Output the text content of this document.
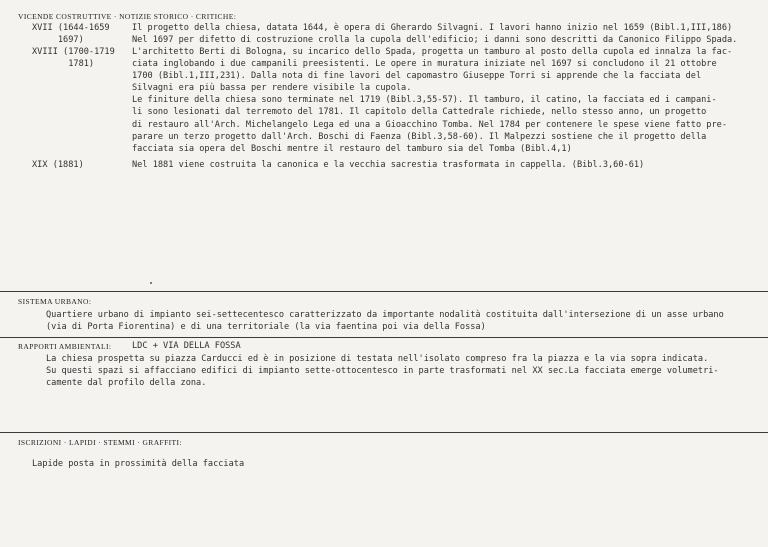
VICENDE COSTRUTTIVE · NOTIZIE STORICO · CRITICHE:
XVII (1644-1659
1697)
Il progetto della chiesa, datata 1644, è opera di Gherardo Silvagni. I lavori hanno inizio nel 1659 (Bibl.1,III,186)
Nel 1697 per difetto di costruzione crolla la cupola dell'edificio; i danni sono descritti da Canonico Filippo Spada.
XVIII (1700-1719
1781)
L'architetto Berti di Bologna, su incarico dello Spada, progetta un tamburo al posto della cupola ed innalza la fac-
ciata inglobando i due campanili preesistenti. Le opere in muratura iniziate nel 1697 si concludono il 21 ottobre
1700 (Bibl.1,III,231). Dalla nota di fine lavori del capomastro Giuseppe Torri si apprende che la facciata del
Silvagni era più bassa per rendere visibile la cupola.
Le finiture della chiesa sono terminate nel 1719 (Bibl.3,55-57). Il tamburo, il catino, la facciata ed i campani-
li sono lesionati dal terremoto del 1781. Il capitolo della Cattedrale richiede, nello stesso anno, un progetto
di restauro all'Arch. Michelangelo Lega ed una a Gioacchino Tomba. Nel 1784 per contenere le spese viene fatto pre-
parare un terzo progetto dall'Arch. Boschi di Faenza (Bibl.3,58-60). Il Malpezzi sostiene che il progetto della
facciata sia opera del Boschi mentre il restauro del tamburo sia del Tomba (Bibl.4,1)
XIX (1881)	Nel 1881 viene costruita la canonica e la vecchia sacrestia trasformata in cappella. (Bibl.3,60-61)
SISTEMA URBANO:
Quartiere urbano di impianto sei-settecentesco caratterizzato da importante nodalità costituita dall'intersezione di un asse urbano
(via di Porta Fiorentina) e di una territoriale (la via faentina poi via della Fossa)
RAPPORTI AMBIENTALI: LDC + VIA DELLA FOSSA
La chiesa prospetta su piazza Carducci ed è in posizione di testata nell'isolato compreso fra la piazza e la via sopra indicata.
Su questi spazi si affacciano edifici di impianto sette-ottocentesco in parte trasformati nel XX sec.La facciata emerge volumetri-
camente dal profilo della zona.
ISCRIZIONI · LAPIDI · STEMMI · GRAFFITI:
Lapide posta in prossimità della facciata
